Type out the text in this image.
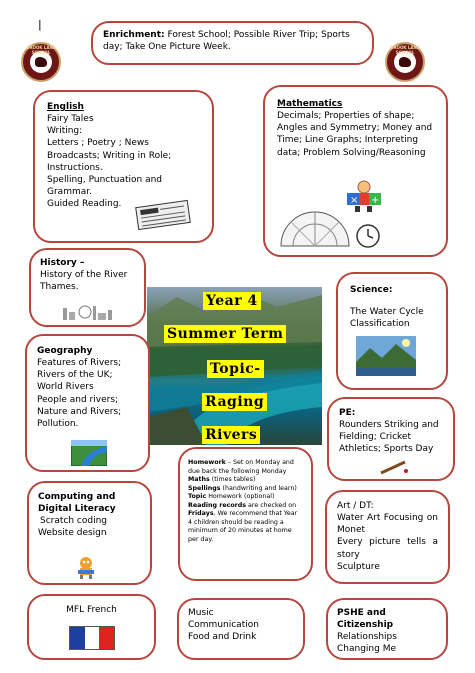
|
BROOK LANE SCHOOL
BROOK LANE SCHOOL
Enrichment: Forest School; Possible River Trip; Sports day; Take One Picture Week.
English
Fairy Tales
Writing:
Letters ; Poetry ; News
Broadcasts; Writing in Role;
Instructions.
Spelling, Punctuation and
Grammar.
Guided Reading.
Mathematics
Decimals; Properties of shape;
Angles and Symmetry; Money and
Time; Line Graphs; Interpreting
data; Problem Solving/Reasoning
× +
History –
History of the River
Thames.	Science:
The Water Cycle
Classification
Year 4
Summer Term
Topic-
Raging
Rivers
Geography
Features of Rivers;
Rivers of the UK;
World Rivers
People and rivers;
Nature and Rivers;
Pollution.
PE:
Rounders Striking and
Fielding; Cricket
Athletics; Sports Day
Homework – Set on Monday and due back the following Monday
Maths (times tables)
Spellings (handwriting and learn)
Topic Homework (optional)
Reading records are checked on Fridays. We recommend that Year 4 children should be reading a minimum of 20 minutes at home per day.
Computing and Digital Literacy
Scratch coding
Website design
Art / DT:
Water Art Focusing on Monet
Every picture tells a story
Sculpture
MFL French	Music
Communication
Food and Drink
PSHE and Citizenship
Relationships
Changing Me
